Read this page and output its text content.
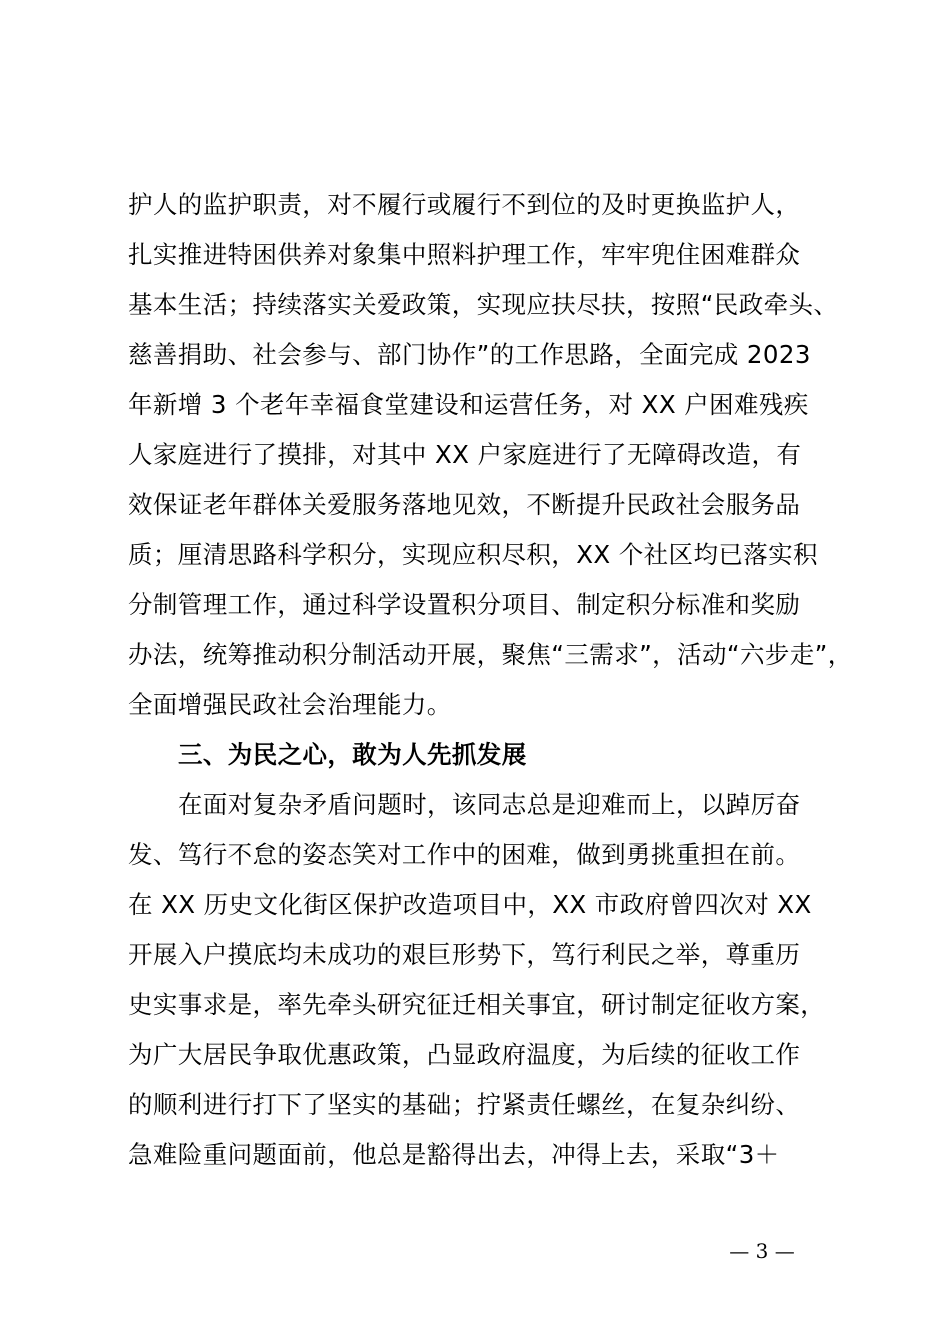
护人的监护职责，对不履行或履行不到位的及时更换监护人，
扎实推进特困供养对象集中照料护理工作，牢牢兜住困难群众
基本生活；持续落实关爱政策，实现应扶尽扶，按照“民政牵头、
慈善捐助、社会参与、部门协作”的工作思路，全面完成 2023
年新增 3 个老年幸福食堂建设和运营任务，对 XX 户困难残疾
人家庭进行了摸排，对其中 XX 户家庭进行了无障碍改造，有
效保证老年群体关爱服务落地见效，不断提升民政社会服务品
质；厘清思路科学积分，实现应积尽积，XX 个社区均已落实积
分制管理工作，通过科学设置积分项目、制定积分标准和奖励
办法，统筹推动积分制活动开展，聚焦“三需求”，活动“六步走”，
全面增强民政社会治理能力。
三、为民之心，敢为人先抓发展
在面对复杂矛盾问题时，该同志总是迎难而上，以踔厉奋
发、笃行不怠的姿态笑对工作中的困难，做到勇挑重担在前。
在 XX 历史文化街区保护改造项目中，XX 市政府曾四次对 XX
开展入户摸底均未成功的艰巨形势下，笃行利民之举，尊重历
史实事求是，率先牵头研究征迁相关事宜，研讨制定征收方案，
为广大居民争取优惠政策，凸显政府温度，为后续的征收工作
的顺利进行打下了坚实的基础；拧紧责任螺丝，在复杂纠纷、
急难险重问题面前，他总是豁得出去，冲得上去，采取“3＋
— 3 —
